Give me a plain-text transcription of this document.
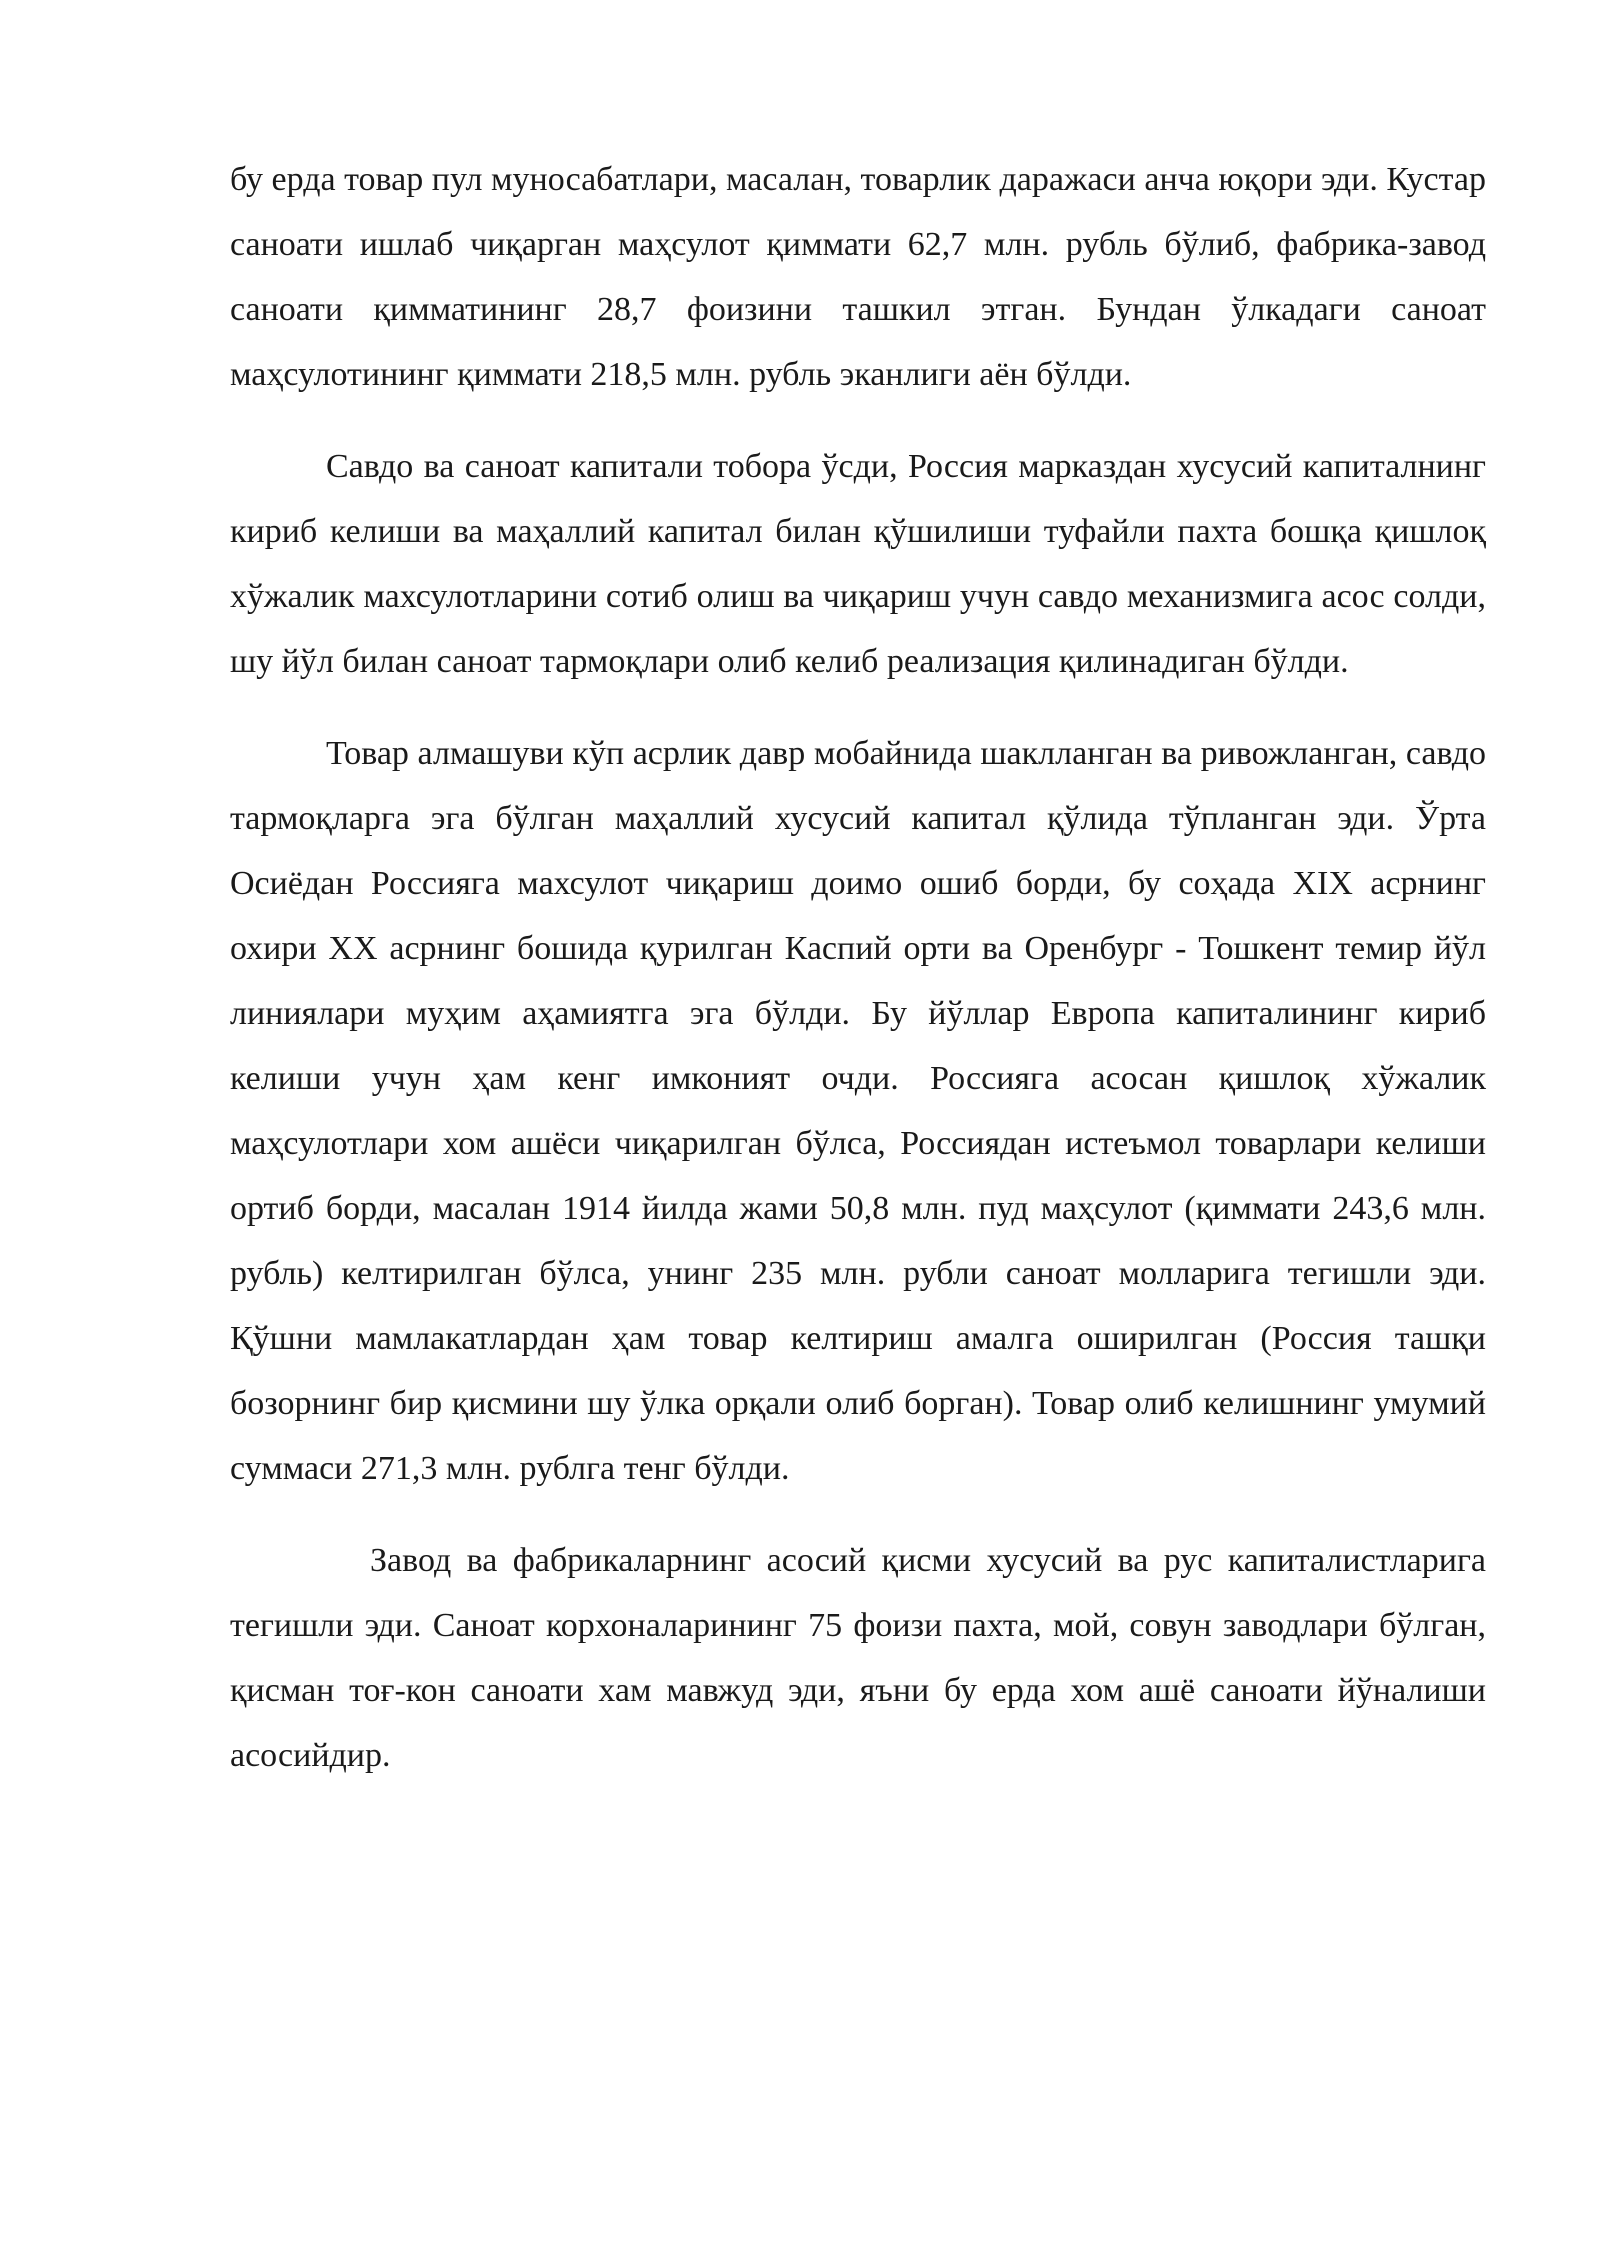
бу ерда товар пул муносабатлари, масалан, товарлик даражаси анча юқори эди. Кустар саноати ишлаб чиқарган маҳсулот қиммати 62,7 млн. рубль бўлиб, фабрика-завод саноати қимматининг 28,7 фоизини ташкил этган. Бундан ўлкадаги саноат маҳсулотининг қиммати 218,5 млн. рубль эканлиги аён бўлди.

Савдо ва саноат капитали тобора ўсди, Россия марказдан хусусий капиталнинг кириб келиши ва маҳаллий капитал билан қўшилиши туфайли пахта бошқа қишлоқ хўжалик махсулотларини сотиб олиш ва чиқариш учун савдо механизмига асос солди, шу йўл билан саноат тармоқлари олиб келиб реализация қилинадиган бўлди.

Товар алмашуви кўп асрлик давр мобайнида шаклланган ва ривожланган, савдо тармоқларга эга бўлган маҳаллий хусусий капитал қўлида тўпланган эди. Ўрта Осиёдан Россияга махсулот чиқариш доимо ошиб борди, бу соҳада XIX асрнинг охири XX асрнинг бошида қурилган Каспий орти ва Оренбург - Тошкент темир йўл линиялари муҳим аҳамиятга эга бўлди. Бу йўллар Европа капиталининг кириб келиши учун ҳам кенг имконият очди. Россияга асосан қишлоқ хўжалик маҳсулотлари хом ашёси чиқарилган бўлса, Россиядан истеъмол товарлари келиши ортиб борди, масалан 1914 йилда жами 50,8 млн. пуд маҳсулот (қиммати 243,6 млн. рубль) келтирилган бўлса, унинг 235 млн. рубли саноат молларига тегишли эди. Қўшни мамлакатлардан ҳам товар келтириш амалга оширилган (Россия ташқи бозорнинг бир қисмини шу ўлка орқали олиб борган). Товар олиб келишнинг умумий суммаси 271,3 млн. рублга тенг бўлди.

Завод ва фабрикаларнинг асосий қисми хусусий ва рус капиталистларига тегишли эди. Саноат корхоналарининг 75 фоизи пахта, мой, совун заводлари бўлган, қисман тоғ-кон саноати хам мавжуд эди, яъни бу ерда хом ашё саноати йўналиши асосийдир.
